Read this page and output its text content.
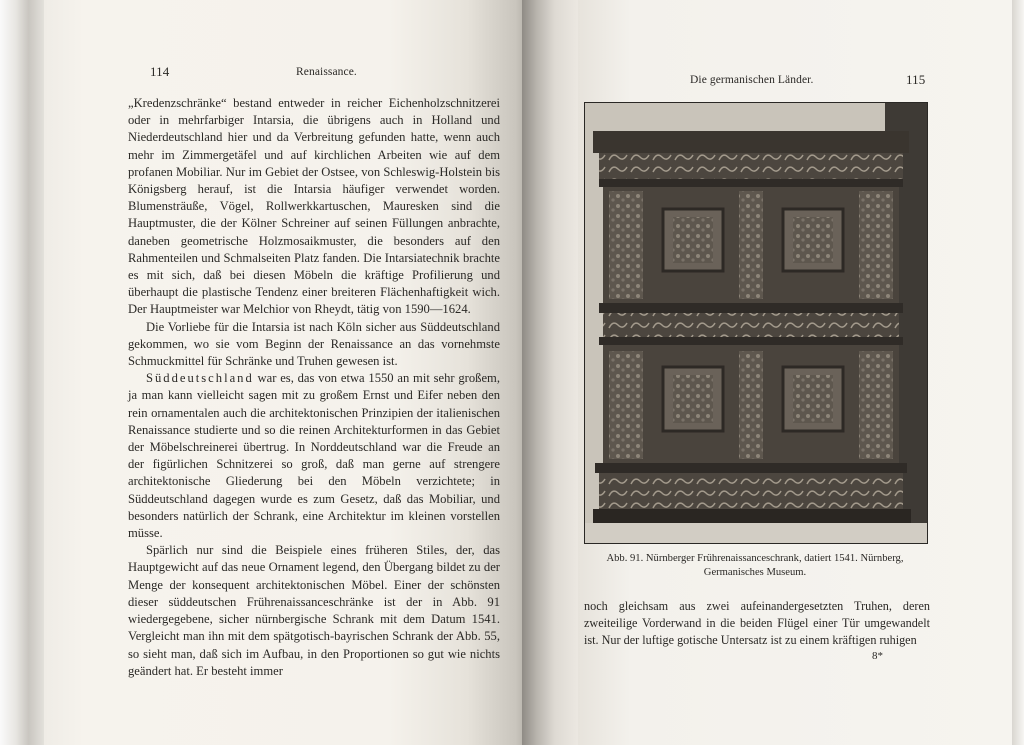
114	Renaissance.

„Kredenzschränke“ bestand entweder in reicher Eichenholzschnitzerei oder in mehrfarbiger Intarsia, die übrigens auch in Holland und Niederdeutschland hier und da Verbreitung gefunden hatte, wenn auch mehr im Zimmergetäfel und auf kirchlichen Arbeiten wie auf dem profanen Mobiliar. Nur im Gebiet der Ostsee, von Schleswig-Holstein bis Königsberg herauf, ist die Intarsia häufiger verwendet worden. Blumensträuße, Vögel, Rollwerkkartuschen, Mauresken sind die Hauptmuster, die der Kölner Schreiner auf seinen Füllungen anbrachte, daneben geometrische Holzmosaikmuster, die besonders auf den Rahmenteilen und Schmalseiten Platz fanden. Die Intarsiatechnik brachte es mit sich, daß bei diesen Möbeln die kräftige Profilierung und überhaupt die plastische Tendenz einer breiteren Flächenhaftigkeit wich. Der Hauptmeister war Melchior von Rheydt, tätig von 1590—1624.

Die Vorliebe für die Intarsia ist nach Köln sicher aus Süddeutschland gekommen, wo sie vom Beginn der Renaissance an das vornehmste Schmuckmittel für Schränke und Truhen gewesen ist.

Süddeutschland war es, das von etwa 1550 an mit sehr großem, ja man kann vielleicht sagen mit zu großem Ernst und Eifer neben den rein ornamentalen auch die architektonischen Prinzipien der italienischen Renaissance studierte und so die reinen Architekturformen in das Gebiet der Möbelschreinerei übertrug. In Norddeutschland war die Freude an der figürlichen Schnitzerei so groß, daß man gerne auf strengere architektonische Gliederung bei den Möbeln verzichtete; in Süddeutschland dagegen wurde es zum Gesetz, daß das Mobiliar, und besonders natürlich der Schrank, eine Architektur im kleinen vorstellen müsse.

Spärlich nur sind die Beispiele eines früheren Stiles, der, das Hauptgewicht auf das neue Ornament legend, den Übergang bildet zu der Menge der konsequent architektonischen Möbel. Einer der schönsten dieser süddeutschen Frührenaissanceschränke ist der in Abb. 91 wiedergegebene, sicher nürnbergische Schrank mit dem Datum 1541. Vergleicht man ihn mit dem spätgotisch-bayrischen Schrank der Abb. 55, so sieht man, daß sich im Aufbau, in den Proportionen so gut wie nichts geändert hat. Er besteht immer

Die germanischen Länder.	115
Abb. 91. Nürnberger Frührenaissanceschrank, datiert 1541. Nürnberg,
Germanisches Museum.
noch gleichsam aus zwei aufeinandergesetzten Truhen, deren zweiteilige Vorderwand in die beiden Flügel einer Tür umgewandelt ist. Nur der luftige gotische Untersatz ist zu einem kräftigen ruhigen
8*
